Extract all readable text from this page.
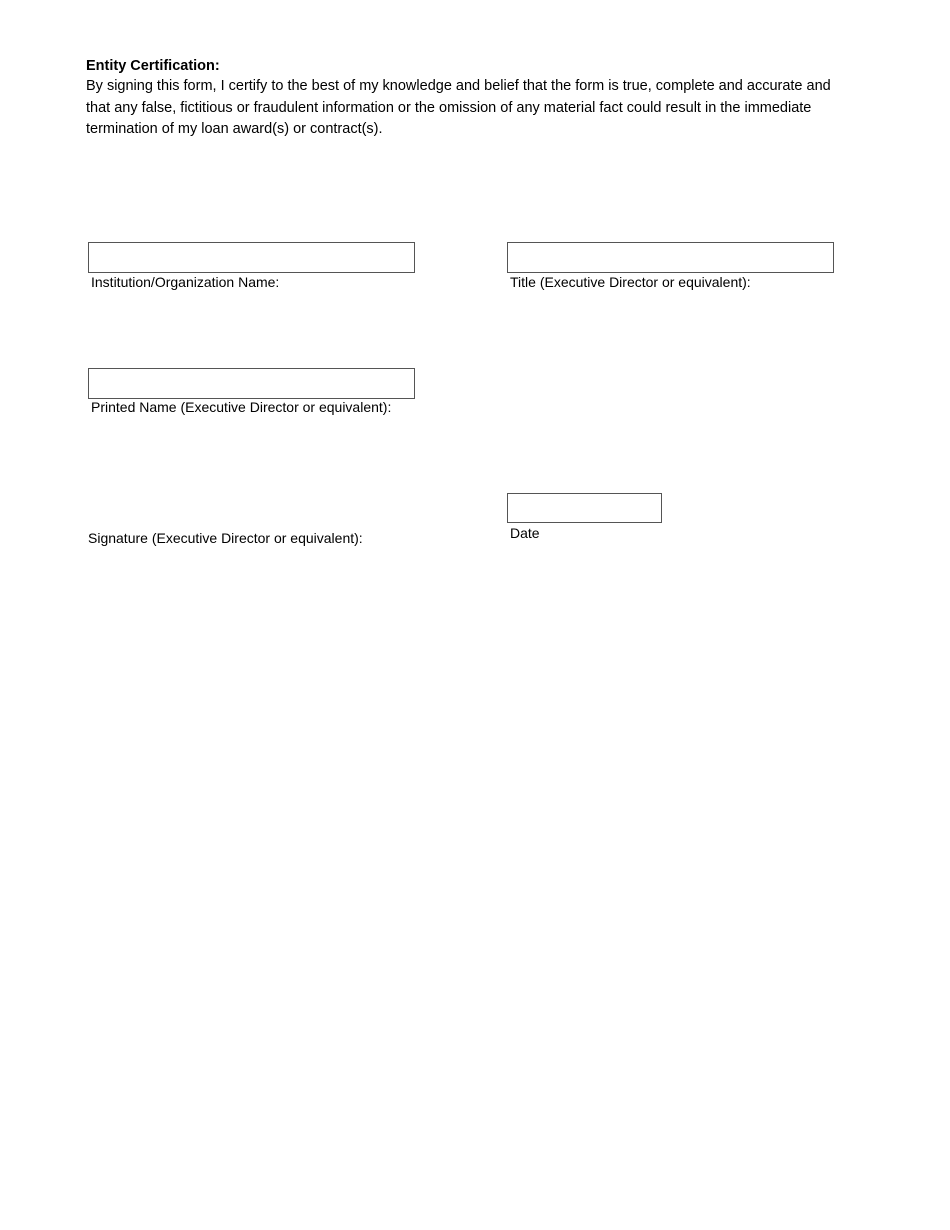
Entity Certification:
By signing this form, I certify to the best of my knowledge and belief that the form is true, complete and accurate and that any false, fictitious or fraudulent information or the omission of any material fact could result in the immediate termination of my loan award(s) or contract(s).
Institution/Organization Name:	Title (Executive Director or equivalent):
Printed Name (Executive Director or equivalent):
Signature (Executive Director or equivalent):	Date
